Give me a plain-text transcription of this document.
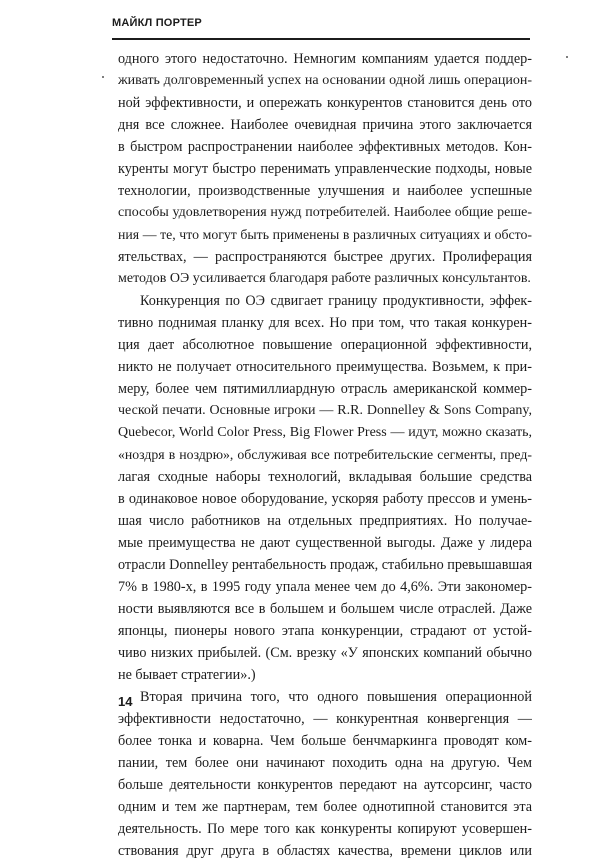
МАЙКЛ ПОРТЕР

одного этого недостаточно. Немногим компаниям удается поддер-
живать долговременный успех на основании одной лишь операцион-
ной эффективности, и опережать конкурентов становится день ото
дня все сложнее. Наиболее очевидная причина этого заключается
в быстром распространении наиболее эффективных методов. Кон-
куренты могут быстро перенимать управленческие подходы, новые
технологии, производственные улучшения и наиболее успешные
способы удовлетворения нужд потребителей. Наиболее общие реше-
ния — те, что могут быть применены в различных ситуациях и обсто-
ятельствах, — распространяются быстрее других. Пролиферация
методов ОЭ усиливается благодаря работе различных консультантов.

Конкуренция по ОЭ сдвигает границу продуктивности, эффек-
тивно поднимая планку для всех. Но при том, что такая конкурен-
ция дает абсолютное повышение операционной эффективности,
никто не получает относительного преимущества. Возьмем, к при-
меру, более чем пятимиллиардную отрасль американской коммер-
ческой печати. Основные игроки — R.R. Donnelley & Sons Company,
Quebecor, World Color Press, Big Flower Press — идут, можно сказать,
«ноздря в ноздрю», обслуживая все потребительские сегменты, пред-
лагая сходные наборы технологий, вкладывая большие средства
в одинаковое новое оборудование, ускоряя работу прессов и умень-
шая число работников на отдельных предприятиях. Но получае-
мые преимущества не дают существенной выгоды. Даже у лидера
отрасли Donnelley рентабельность продаж, стабильно превышавшая
7% в 1980-х, в 1995 году упала менее чем до 4,6%. Эти закономер-
ности выявляются все в большем и большем числе отраслей. Даже
японцы, пионеры нового этапа конкуренции, страдают от устой-
чиво низких прибылей. (См. врезку «У японских компаний обычно
не бывает стратегии».)

Вторая причина того, что одного повышения операционной
эффективности недостаточно, — конкурентная конвергенция —
более тонка и коварна. Чем больше бенчмаркинга проводят ком-
пании, тем более они начинают походить одна на другую. Чем
больше деятельности конкурентов передают на аутсорсинг, часто
одним и тем же партнерам, тем более однотипной становится эта
деятельность. По мере того как конкуренты копируют усовершен-
ствования друг друга в областях качества, времени циклов или

14
